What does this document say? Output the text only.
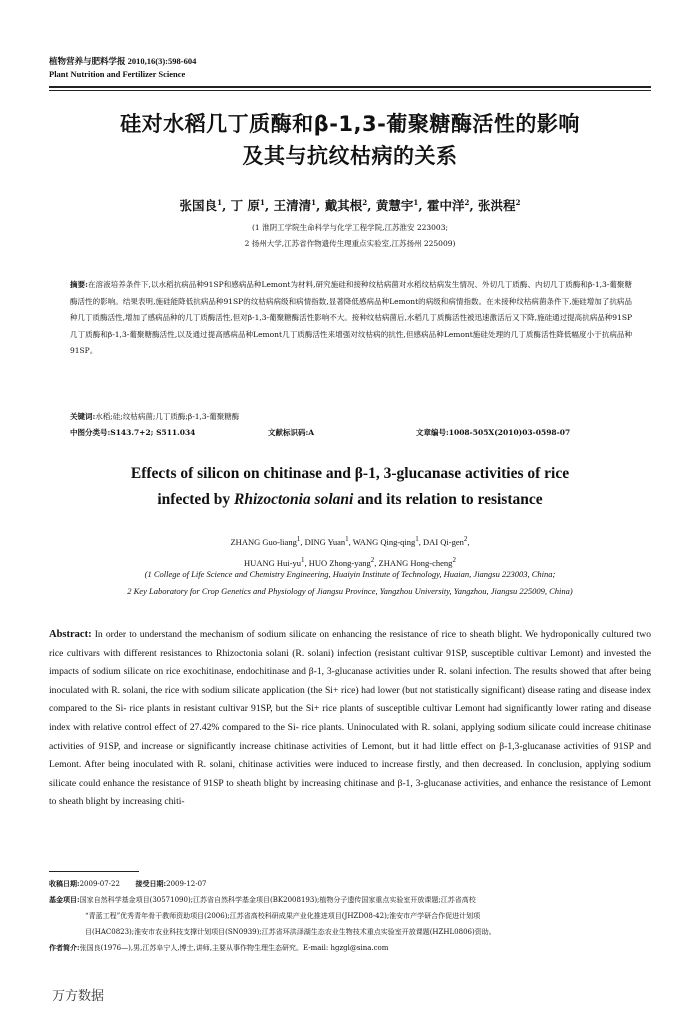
植物营养与肥料学报 2010,16(3):598-604
Plant Nutrition and Fertilizer Science
硅对水稻几丁质酶和β-1,3-葡聚糖酶活性的影响
及其与抗纹枯病的关系
张国良$^1$, 丁 原$^1$, 王清清$^1$, 戴其根$^2$, 黄慧宇$^1$, 霍中洋$^2$, 张洪程$^2$
(1 淮阴工学院生命科学与化学工程学院,江苏淮安 223003;
2 扬州大学,江苏省作物遗传生理重点实验室,江苏扬州 225009)
摘要:在溶液培养条件下,以水稻抗病品种91SP和感病品种Lemont为材料,研究施硅和接种纹枯病菌对水稻纹枯病发生情况、外切几丁质酶、内切几丁质酶和β-1,3-葡聚糖酶活性的影响。结果表明,施硅能降低抗病品种91SP的纹枯病病级和病情指数,显著降低感病品种Lemont的病级和病情指数。在未接种纹枯病菌条件下,施硅增加了抗病品种几丁质酶活性,增加了感病品种的几丁质酶活性,但对β-1,3-葡聚糖酶活性影响不大。接种纹枯病菌后,水稻几丁质酶活性被迅速激活后又下降,施硅通过提高抗病品种91SP几丁质酶和β-1,3-葡聚糖酶活性,以及通过提高感病品种Lemont几丁质酶活性来增强对纹枯病的抗性,但感病品种Lemont施硅处理的几丁质酶活性降低幅度小于抗病品种91SP。
关键词:水稻;硅;纹枯病菌;几丁质酶;β-1,3-葡聚糖酶
中图分类号:S143.7+2; S511.034	文献标识码:A	文章编号:1008-505X(2010)03-0598-07
Effects of silicon on chitinase and β-1, 3-glucanase activities of rice
infected by Rhizoctonia solani and its relation to resistance
ZHANG Guo-liang$^1$, DING Yuan$^1$, WANG Qing-qing$^1$, DAI Qi-gen$^2$,
HUANG Hui-$yu^1$, HUO Zhong-yang$^2$, ZHANG Hong-cheng$^2$
(1 College of Life Science and Chemistry Engineering, Huaiyin Institute of Technology, Huaian, Jiangsu 223003, China;
2 Key Laboratory for Crop Genetics and Physiology of Jiangsu Province, Yangzhou University, Yangzhou, Jiangsu 225009, China)
Abstract: In order to understand the mechanism of sodium silicate on enhancing the resistance of rice to sheath blight. We hydroponically cultured two rice cultivars with different resistances to Rhizoctonia solani (R. solani) infection (resistant cultivar 91SP, susceptible cultivar Lemont) and invested the impacts of sodium silicate on rice exochitinase, endochitinase and β-1, 3-glucanase activities under R. solani infection. The results showed that after being inoculated with R. solani, the rice with sodium silicate application (the Si+ rice) had lower (but not statistically significant) disease rating and disease index compared to the Si- rice plants in resistant cultivar 91SP, but the Si+ rice plants of susceptible cultivar Lemont had significantly lower rating and disease index with relative control effect of 27.42% compared to the Si- rice plants. Uninoculated with R. solani, applying sodium silicate could increase chitinase activities of 91SP, and increase or significantly increase chitinase activities of Lemont, but it had little effect on β-1,3-glucanase activities of 91SP and Lemont. After being inoculated with R. solani, chitinase activities were induced to increase firstly, and then decreased. In conclusion, applying sodium silicate could enhance the resistance of 91SP to sheath blight by increasing chitinase and β-1, 3-glucanase activities, and enhance the resistance of Lemont to sheath blight by increasing chiti-
收稿日期:2009-07-22 接受日期:2009-12-07
基金项目:国家自然科学基金项目(30571090);江苏省自然科学基金项目(BK2008193);植物分子遗传国家重点实验室开放课题;江苏省高校
“青蓝工程”优秀青年骨干教师资助项目(2006);江苏省高校科研成果产业化推进项目(JHZD08-42);淮安市产学研合作促进计划项
目(HAC0823);淮安市农业科技支撑计划项目(SN0939);江苏省环洪泽湖生态农业生物技术重点实验室开放课题(HZHL0806)资助。
作者简介:张国良(1976—),男,江苏阜宁人,博士,讲师,主要从事作物生理生态研究。E-mail: hgzgl@sina.com
万方数据
